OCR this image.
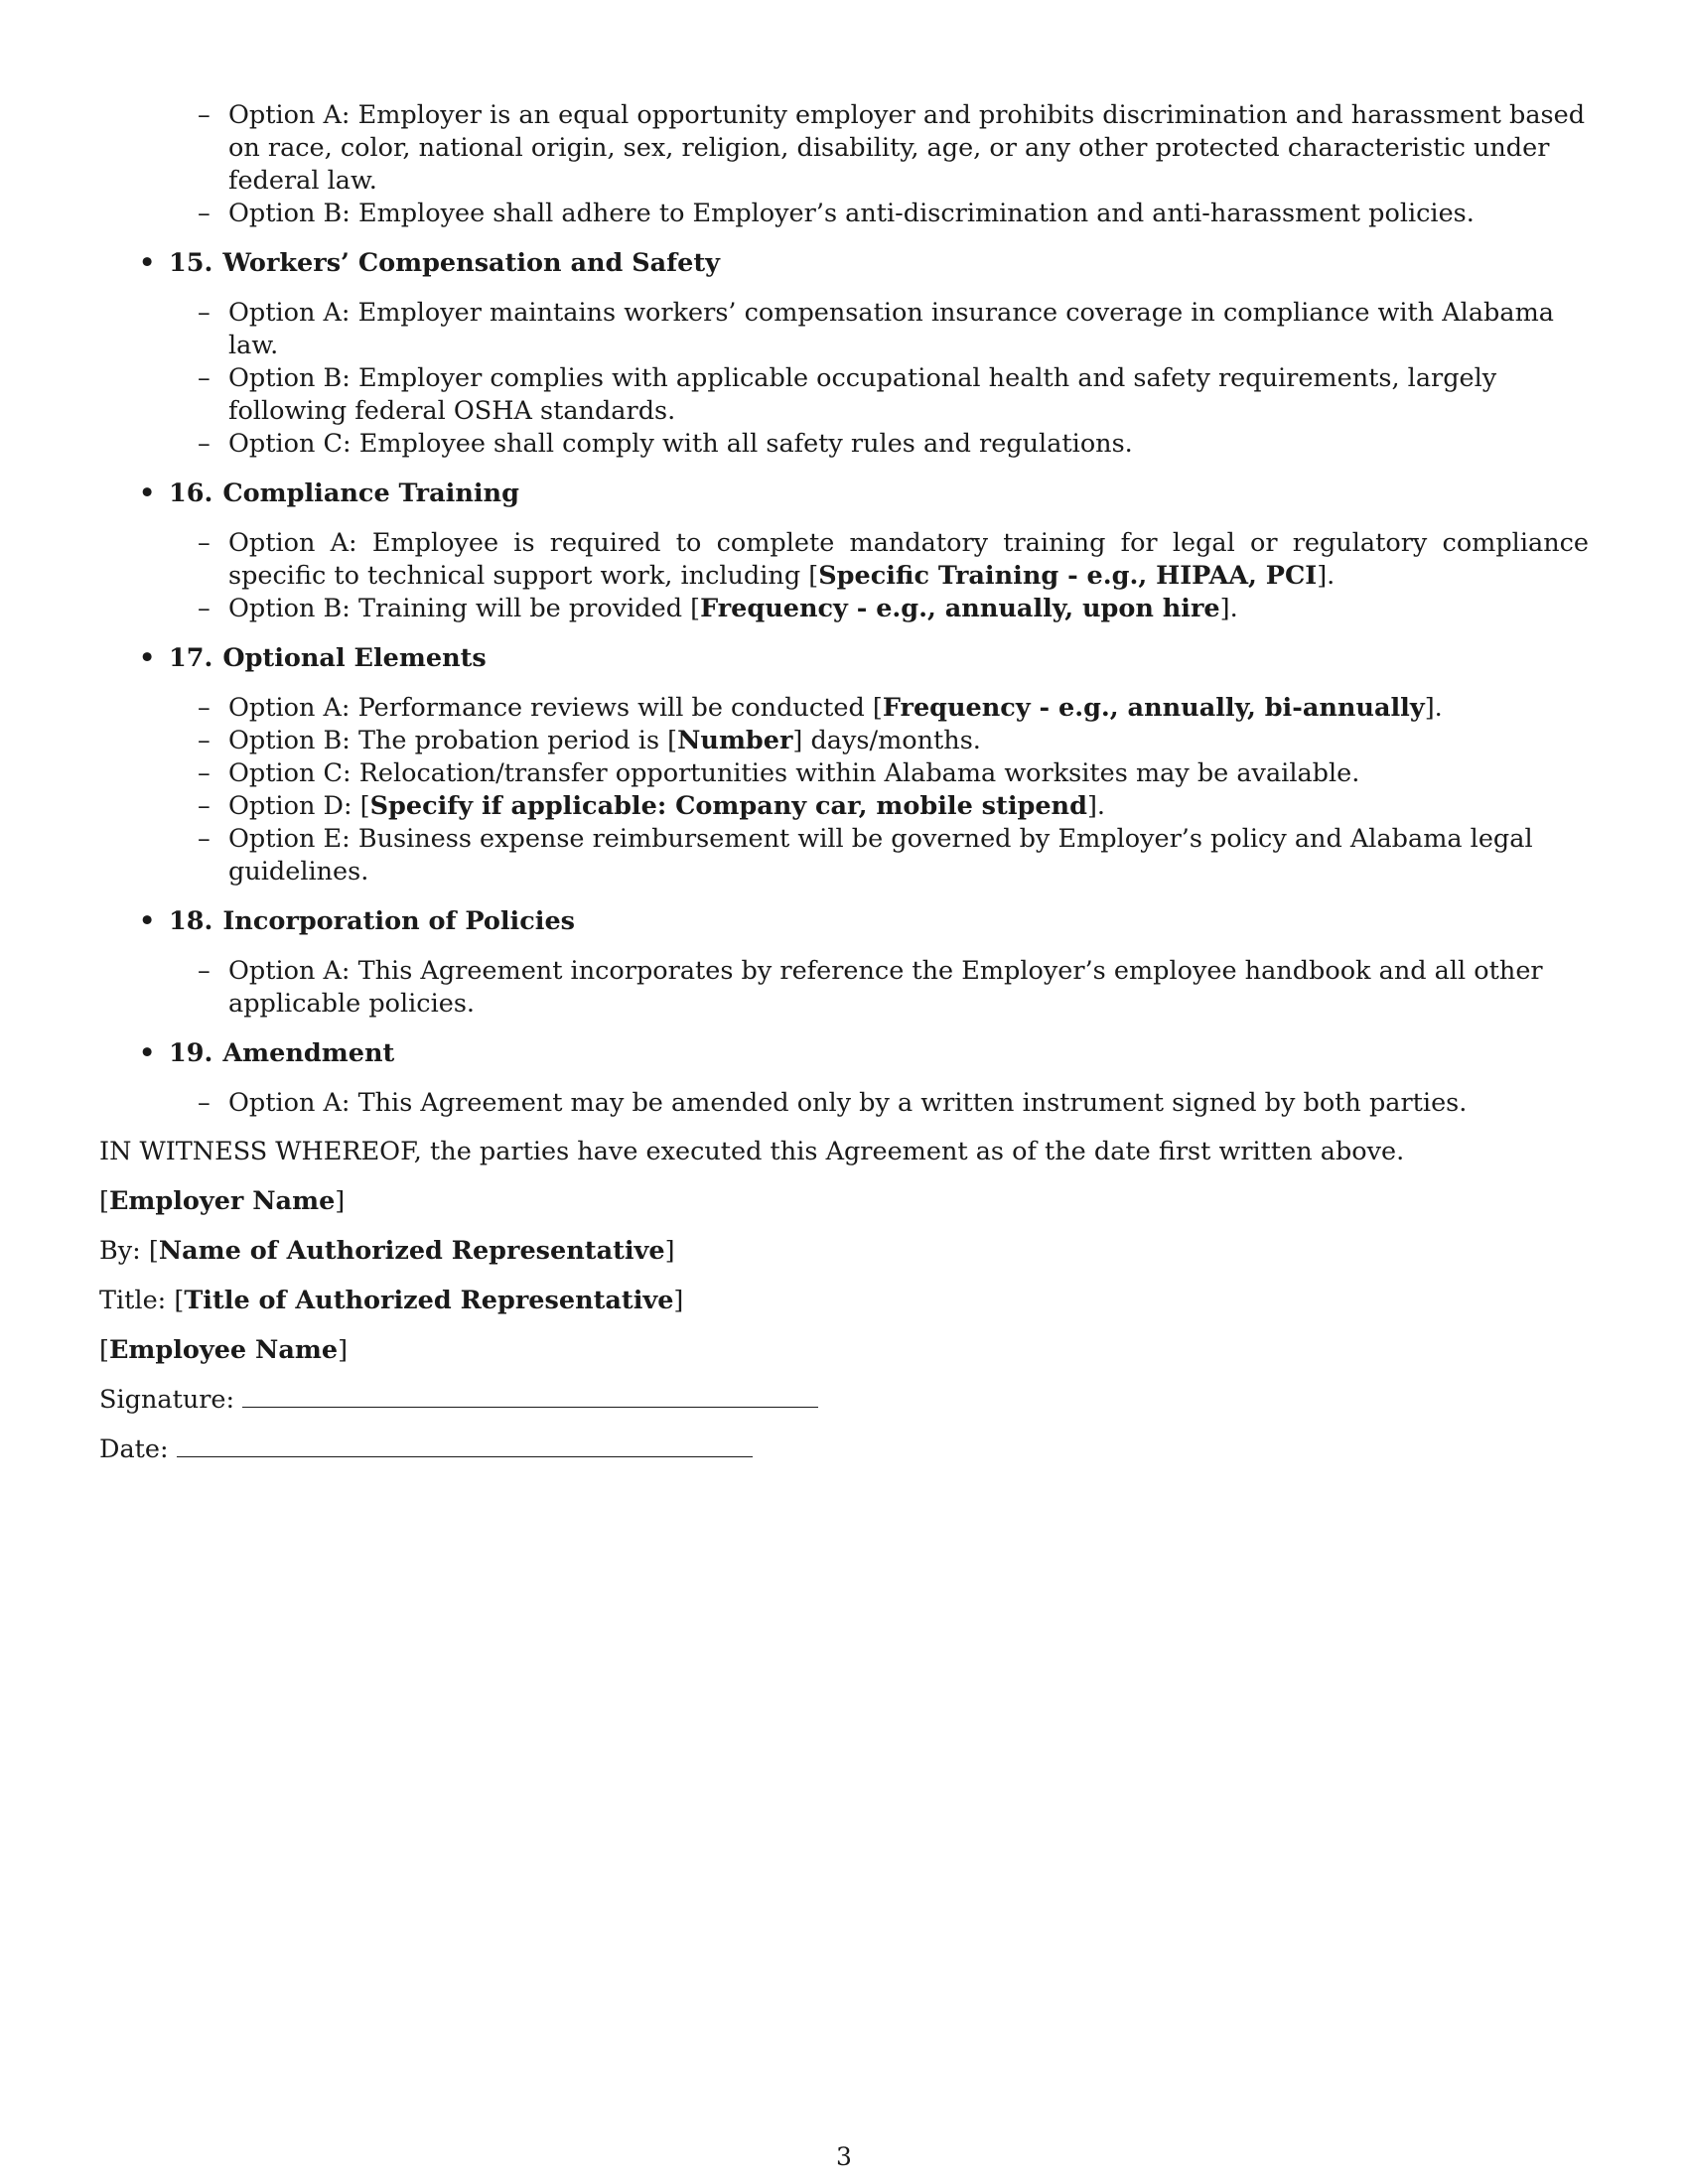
– Option A: Employer is an equal opportunity employer and prohibits discrimination and harassment based on race, color, national origin, sex, religion, disability, age, or any other protected characteristic under federal law.
– Option B: Employee shall adhere to Employer’s anti-discrimination and anti-harassment policies.
• 15. Workers’ Compensation and Safety
– Option A: Employer maintains workers’ compensation insurance coverage in compliance with Alabama law.
– Option B: Employer complies with applicable occupational health and safety requirements, largely following federal OSHA standards.
– Option C: Employee shall comply with all safety rules and regulations.
• 16. Compliance Training
– Option A: Employee is required to complete mandatory training for legal or regulatory compliance specific to technical support work, including [Specific Training - e.g., HIPAA, PCI].
– Option B: Training will be provided [Frequency - e.g., annually, upon hire].
• 17. Optional Elements
– Option A: Performance reviews will be conducted [Frequency - e.g., annually, bi-annually].
– Option B: The probation period is [Number] days/months.
– Option C: Relocation/transfer opportunities within Alabama worksites may be available.
– Option D: [Specify if applicable: Company car, mobile stipend].
– Option E: Business expense reimbursement will be governed by Employer’s policy and Alabama legal guidelines.
• 18. Incorporation of Policies
– Option A: This Agreement incorporates by reference the Employer’s employee handbook and all other applicable policies.
• 19. Amendment
– Option A: This Agreement may be amended only by a written instrument signed by both parties.

IN WITNESS WHEREOF, the parties have executed this Agreement as of the date first written above.

[Employer Name]

By: [Name of Authorized Representative]

Title: [Title of Authorized Representative]

[Employee Name]

Signature:

Date:

3
